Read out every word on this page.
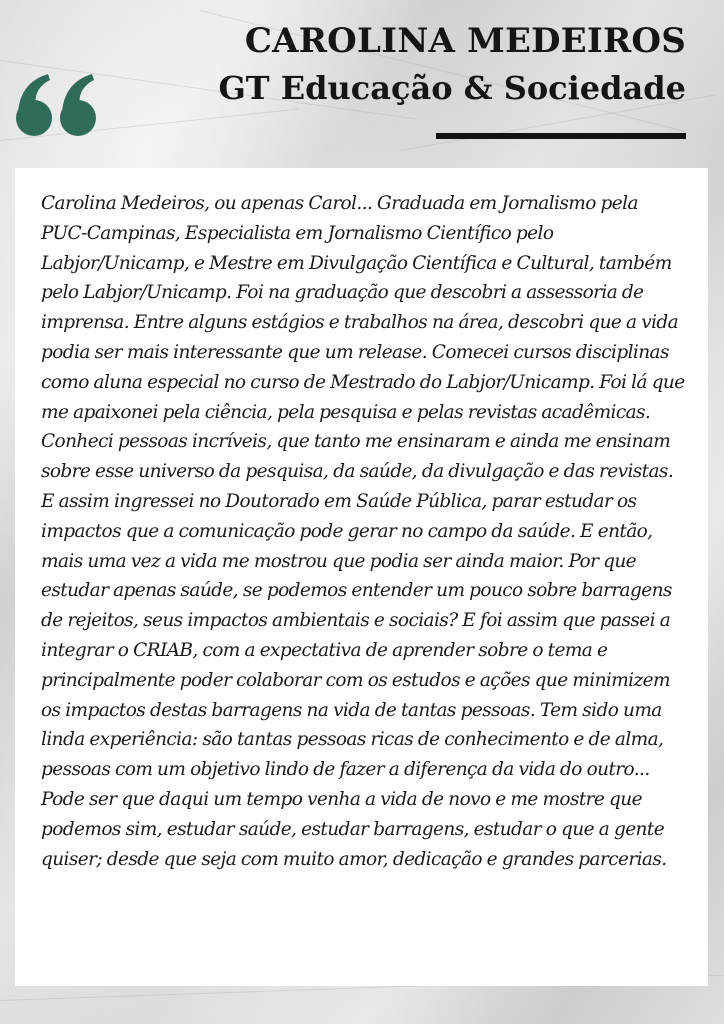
CAROLINA MEDEIROS
GT Educação & Sociedade

Carolina Medeiros, ou apenas Carol... Graduada em Jornalismo pela PUC-Campinas, Especialista em Jornalismo Científico pelo Labjor/Unicamp, e Mestre em Divulgação Científica e Cultural, também pelo Labjor/Unicamp. Foi na graduação que descobri a assessoria de imprensa. Entre alguns estágios e trabalhos na área, descobri que a vida podia ser mais interessante que um release. Comecei cursos disciplinas como aluna especial no curso de Mestrado do Labjor/Unicamp. Foi lá que me apaixonei pela ciência, pela pesquisa e pelas revistas acadêmicas. Conheci pessoas incríveis, que tanto me ensinaram e ainda me ensinam sobre esse universo da pesquisa, da saúde, da divulgação e das revistas. E assim ingressei no Doutorado em Saúde Pública, parar estudar os impactos que a comunicação pode gerar no campo da saúde. E então, mais uma vez a vida me mostrou que podia ser ainda maior. Por que estudar apenas saúde, se podemos entender um pouco sobre barragens de rejeitos, seus impactos ambientais e sociais? E foi assim que passei a integrar o CRIAB, com a expectativa de aprender sobre o tema e principalmente poder colaborar com os estudos e ações que minimizem os impactos destas barragens na vida de tantas pessoas. Tem sido uma linda experiência: são tantas pessoas ricas de conhecimento e de alma, pessoas com um objetivo lindo de fazer a diferença da vida do outro... Pode ser que daqui um tempo venha a vida de novo e me mostre que podemos sim, estudar saúde, estudar barragens, estudar o que a gente quiser; desde que seja com muito amor, dedicação e grandes parcerias.
